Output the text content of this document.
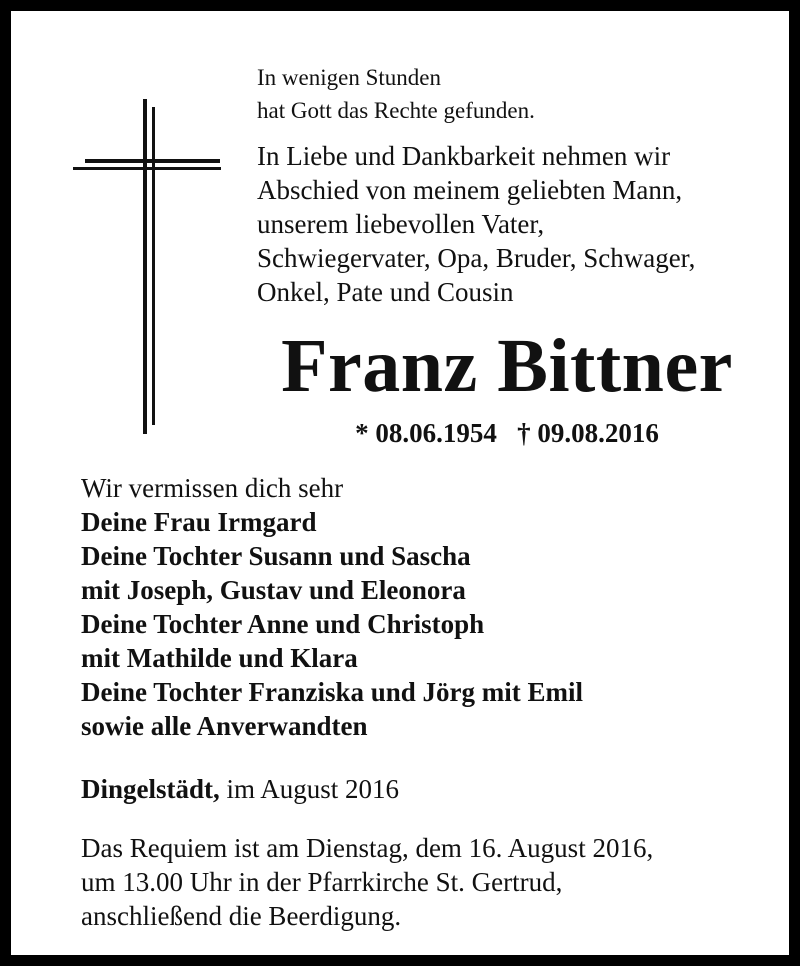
In wenigen Stunden

hat Gott das Rechte gefunden.

In Liebe und Dankbarkeit nehmen wir

Abschied von meinem geliebten Mann,

unserem liebevollen Vater,

Schwiegervater, Opa, Bruder, Schwager,

Onkel, Pate und Cousin

Franz Bittner
* 08.06.1954 † 09.08.2016

Wir vermissen dich sehr

Deine Frau Irmgard

Deine Tochter Susann und Sascha

mit Joseph, Gustav und Eleonora

Deine Tochter Anne und Christoph

mit Mathilde und Klara

Deine Tochter Franziska und Jörg mit Emil

sowie alle Anverwandten

Dingelstädt, im August 2016

Das Requiem ist am Dienstag, dem 16. August 2016,

um 13.00 Uhr in der Pfarrkirche St. Gertrud,

anschließend die Beerdigung.
